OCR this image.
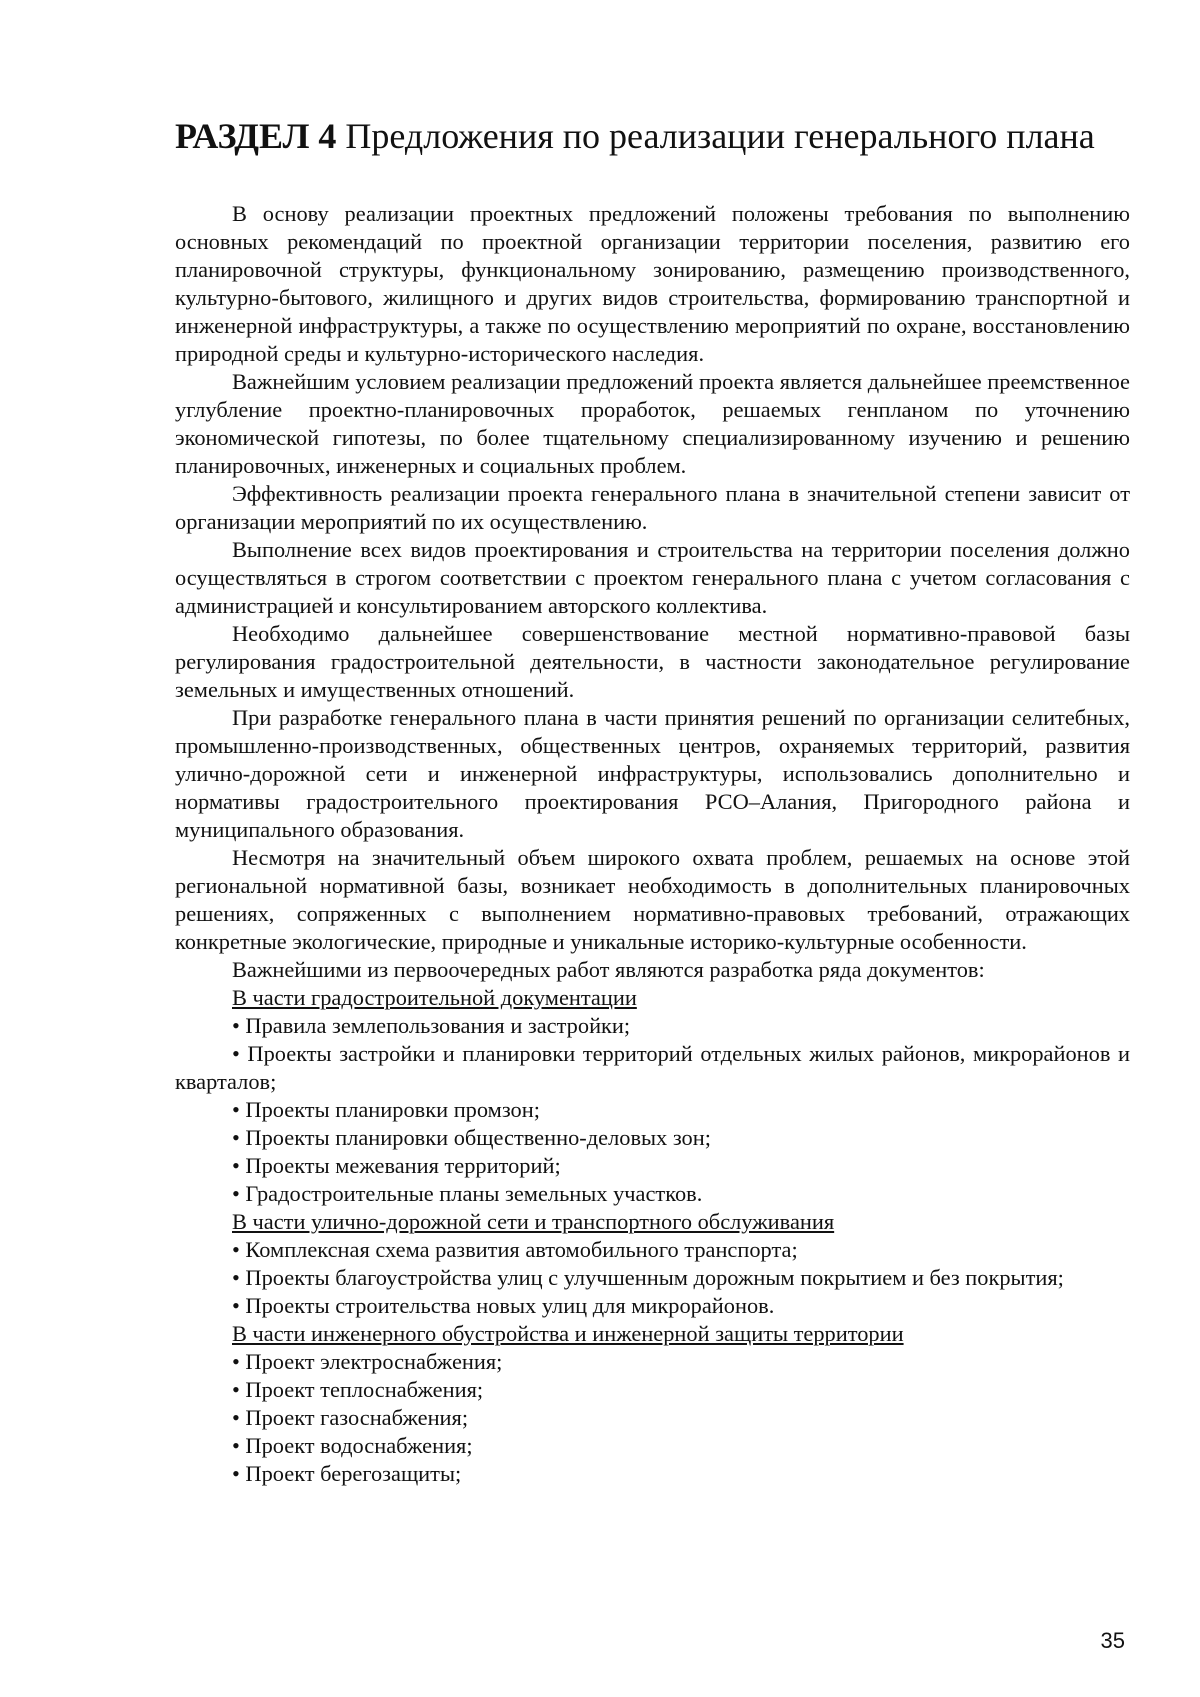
РАЗДЕЛ 4 Предложения по реализации генерального плана

В основу реализации проектных предложений положены требования по выполнению основных рекомендаций по проектной организации территории поселения, развитию его планировочной структуры, функциональному зонированию, размещению производственного, культурно-бытового, жилищного и других видов строительства, формированию транспортной и инженерной инфраструктуры, а также по осуществлению мероприятий по охране, восстановлению природной среды и культурно-исторического наследия.

Важнейшим условием реализации предложений проекта является дальнейшее преемственное углубление проектно-планировочных проработок, решаемых генпланом по уточнению экономической гипотезы, по более тщательному специализированному изучению и решению планировочных, инженерных и социальных проблем.

Эффективность реализации проекта генерального плана в значительной степени зависит от организации мероприятий по их осуществлению.

Выполнение всех видов проектирования и строительства на территории поселения должно осуществляться в строгом соответствии с проектом генерального плана с учетом согласования с администрацией и консультированием авторского коллектива.

Необходимо дальнейшее совершенствование местной нормативно-правовой базы регулирования градостроительной деятельности, в частности законодательное регулирование земельных и имущественных отношений.

При разработке генерального плана в части принятия решений по организации селитебных, промышленно-производственных, общественных центров, охраняемых территорий, развития улично-дорожной сети и инженерной инфраструктуры, использовались дополнительно и нормативы градостроительного проектирования РСО–Алания, Пригородного района и муниципального образования.

Несмотря на значительный объем широкого охвата проблем, решаемых на основе этой региональной нормативной базы, возникает необходимость в дополнительных планировочных решениях, сопряженных с выполнением нормативно-правовых требований, отражающих конкретные экологические, природные и уникальные историко-культурные особенности.

Важнейшими из первоочередных работ являются разработка ряда документов:

В части градостроительной документации

• Правила землепользования и застройки;

• Проекты застройки и планировки территорий отдельных жилых районов, микрорайонов и кварталов;

• Проекты планировки промзон;

• Проекты планировки общественно-деловых зон;

• Проекты межевания территорий;

• Градостроительные планы земельных участков.

В части улично-дорожной сети и транспортного обслуживания

• Комплексная схема развития автомобильного транспорта;

• Проекты благоустройства улиц с улучшенным дорожным покрытием и без покрытия;

• Проекты строительства новых улиц для микрорайонов.

В части инженерного обустройства и инженерной защиты территории

• Проект электроснабжения;

• Проект теплоснабжения;

• Проект газоснабжения;

• Проект водоснабжения;

• Проект берегозащиты;

35
